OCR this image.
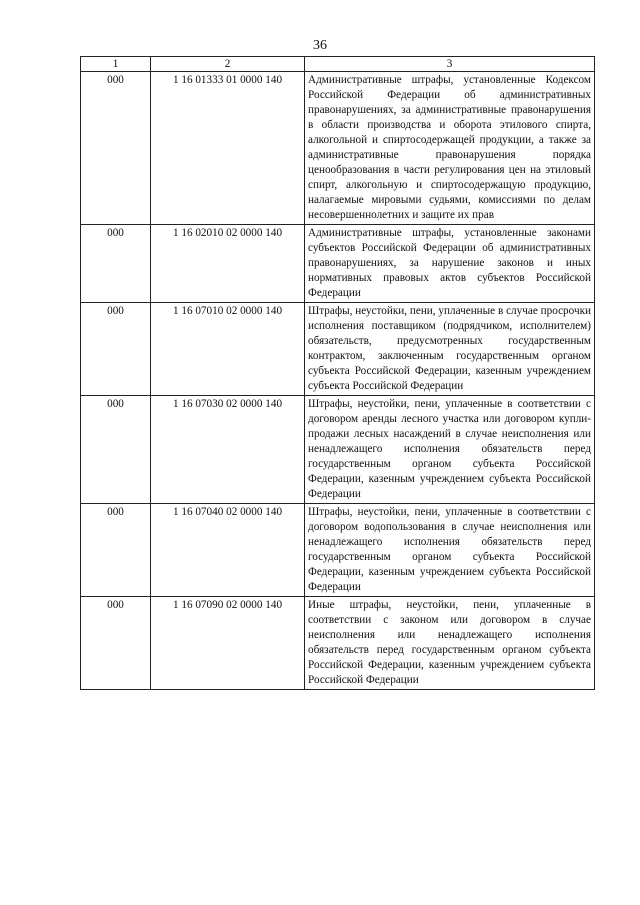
36
1	2	3
000	1 16 01333 01 0000 140	Административные штрафы, установленные Кодексом Российской Федерации об административных правонарушениях, за административные правонарушения в области производства и оборота этилового спирта, алкогольной и спиртосодержащей продукции, а также за административные правонарушения порядка ценообразования в части регулирования цен на этиловый спирт, алкогольную и спиртосодержащую продукцию, налагаемые мировыми судьями, комиссиями по делам несовершеннолетних и защите их прав
000	1 16 02010 02 0000 140	Административные штрафы, установленные законами субъектов Российской Федерации об административных правонарушениях, за нарушение законов и иных нормативных правовых актов субъектов Российской Федерации
000	1 16 07010 02 0000 140	Штрафы, неустойки, пени, уплаченные в случае просрочки исполнения поставщиком (подрядчиком, исполнителем) обязательств, предусмотренных государственным контрактом, заключенным государственным органом субъекта Российской Федерации, казенным учреждением субъекта Российской Федерации
000	1 16 07030 02 0000 140	Штрафы, неустойки, пени, уплаченные в соответствии с договором аренды лесного участка или договором купли-продажи лесных насаждений в случае неисполнения или ненадлежащего исполнения обязательств перед государственным органом субъекта Российской Федерации, казенным учреждением субъекта Российской Федерации
000	1 16 07040 02 0000 140	Штрафы, неустойки, пени, уплаченные в соответствии с договором водопользования в случае неисполнения или ненадлежащего исполнения обязательств перед государственным органом субъекта Российской Федерации, казенным учреждением субъекта Российской Федерации
000	1 16 07090 02 0000 140	Иные штрафы, неустойки, пени, уплаченные в соответствии с законом или договором в случае неисполнения или ненадлежащего исполнения обязательств перед государственным органом субъекта Российской Федерации, казенным учреждением субъекта Российской Федерации
